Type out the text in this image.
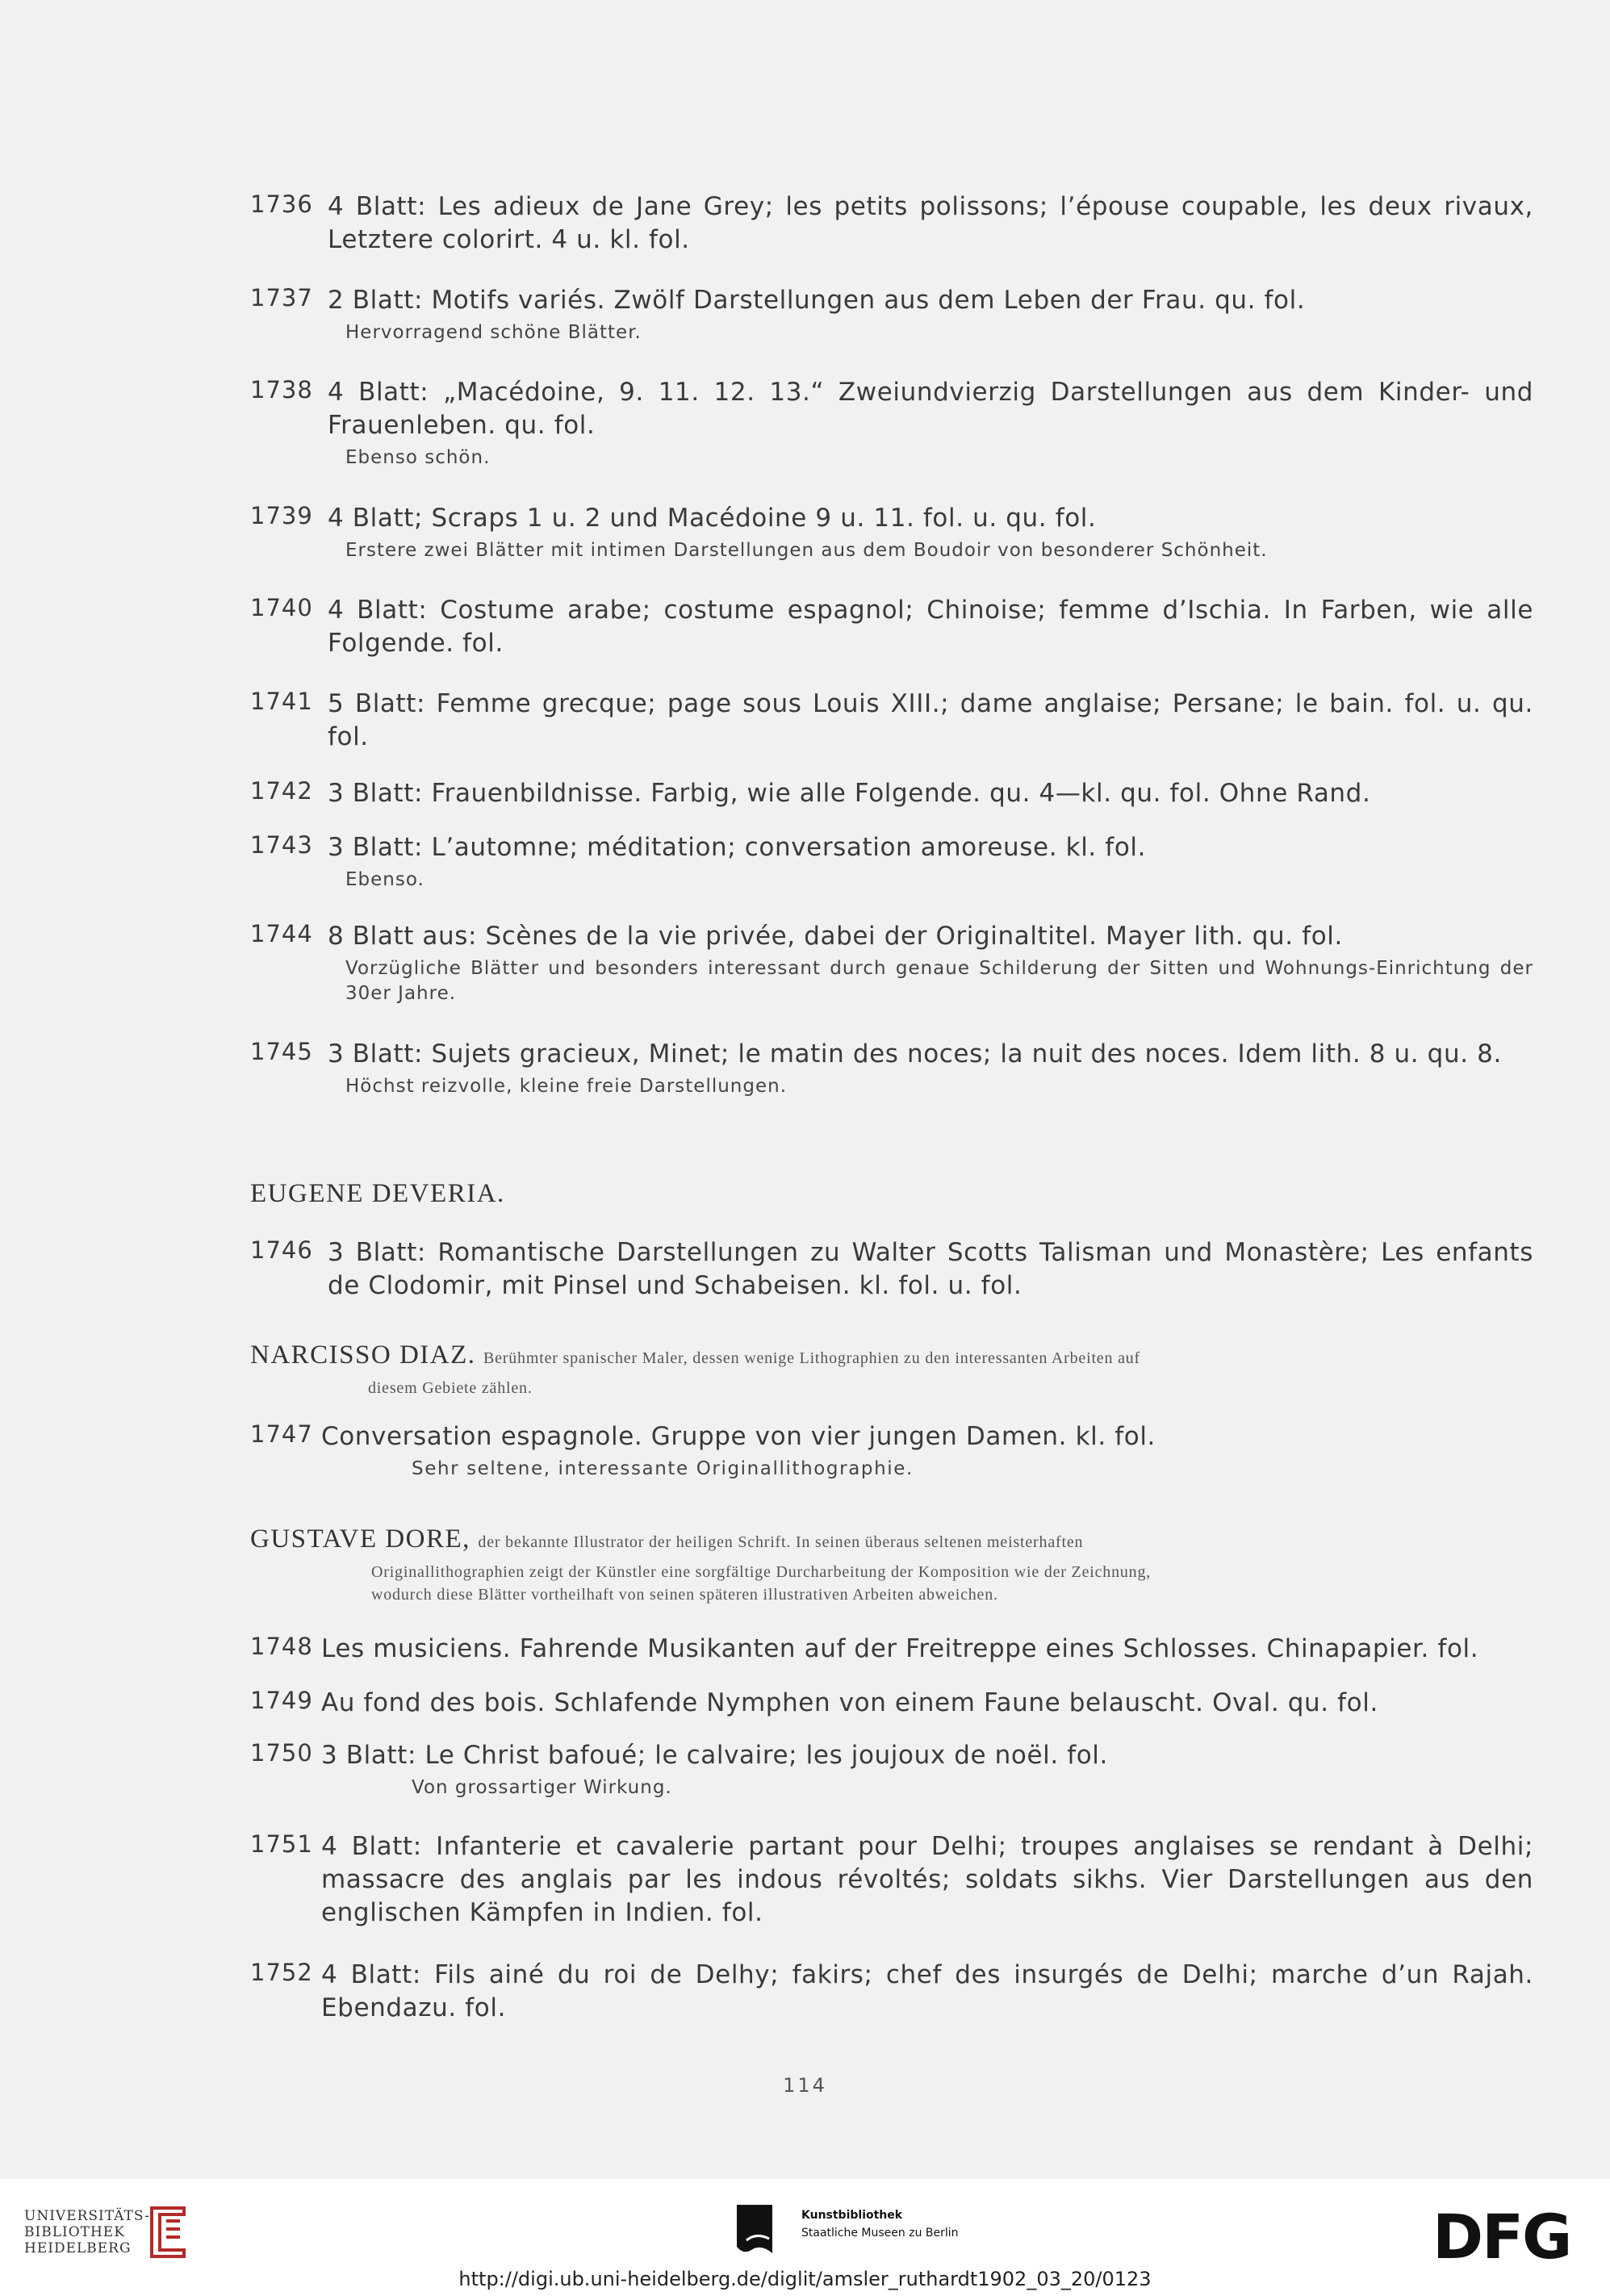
1736 4 Blatt: Les adieux de Jane Grey; les petits polissons; l’épouse coupable, les deux rivaux, Letztere colorirt. 4 u. kl. fol.
1737 2 Blatt: Motifs variés. Zwölf Darstellungen aus dem Leben der Frau. qu. fol.
Hervorragend schöne Blätter.
1738 4 Blatt: „Macédoine, 9. 11. 12. 13.“ Zweiundvierzig Darstellungen aus dem Kinder- und Frauenleben. qu. fol.
Ebenso schön.
1739 4 Blatt; Scraps 1 u. 2 und Macédoine 9 u. 11. fol. u. qu. fol.
Erstere zwei Blätter mit intimen Darstellungen aus dem Boudoir von besonderer Schönheit.
1740 4 Blatt: Costume arabe; costume espagnol; Chinoise; femme d’Ischia. In Farben, wie alle Folgende. fol.
1741 5 Blatt: Femme grecque; page sous Louis XIII.; dame anglaise; Persane; le bain. fol. u. qu. fol.
1742 3 Blatt: Frauenbildnisse. Farbig, wie alle Folgende. qu. 4—kl. qu. fol. Ohne Rand.
1743 3 Blatt: L’automne; méditation; conversation amoreuse. kl. fol.
Ebenso.
1744 8 Blatt aus: Scènes de la vie privée, dabei der Originaltitel. Mayer lith. qu. fol.
Vorzügliche Blätter und besonders interessant durch genaue Schilderung der Sitten und Wohnungs-Einrichtung der 30er Jahre.
1745 3 Blatt: Sujets gracieux, Minet; le matin des noces; la nuit des noces. Idem lith. 8 u. qu. 8.
Höchst reizvolle, kleine freie Darstellungen.
EUGENE DEVERIA.
1746 3 Blatt: Romantische Darstellungen zu Walter Scotts Talisman und Monastère; Les enfants de Clodomir, mit Pinsel und Schabeisen. kl. fol. u. fol.
NARCISSO DIAZ. Berühmter spanischer Maler, dessen wenige Lithographien zu den interessanten Arbeiten auf
diesem Gebiete zählen.
1747 Conversation espagnole. Gruppe von vier jungen Damen. kl. fol.
Sehr seltene, interessante Originallithographie.
GUSTAVE DORE, der bekannte Illustrator der heiligen Schrift. In seinen überaus seltenen meisterhaften
Originallithographien zeigt der Künstler eine sorgfältige Durcharbeitung der Komposition wie der Zeichnung,
wodurch diese Blätter vortheilhaft von seinen späteren illustrativen Arbeiten abweichen.
1748 Les musiciens. Fahrende Musikanten auf der Freitreppe eines Schlosses. Chinapapier. fol.
1749 Au fond des bois. Schlafende Nymphen von einem Faune belauscht. Oval. qu. fol.
1750 3 Blatt: Le Christ bafoué; le calvaire; les joujoux de noël. fol.
Von grossartiger Wirkung.
1751 4 Blatt: Infanterie et cavalerie partant pour Delhi; troupes anglaises se rendant à Delhi; massacre des anglais par les indous révoltés; soldats sikhs. Vier Darstellungen aus den englischen Kämpfen in Indien. fol.
1752 4 Blatt: Fils ainé du roi de Delhy; fakirs; chef des insurgés de Delhi; marche d’un Rajah. Ebendazu. fol.
114
UNIVERSITÄTS-
BIBLIOTHEK
HEIDELBERG
Kunstbibliothek
Staatliche Museen zu Berlin	DFG
http://digi.ub.uni-heidelberg.de/diglit/amsler_ruthardt1902_03_20/0123
